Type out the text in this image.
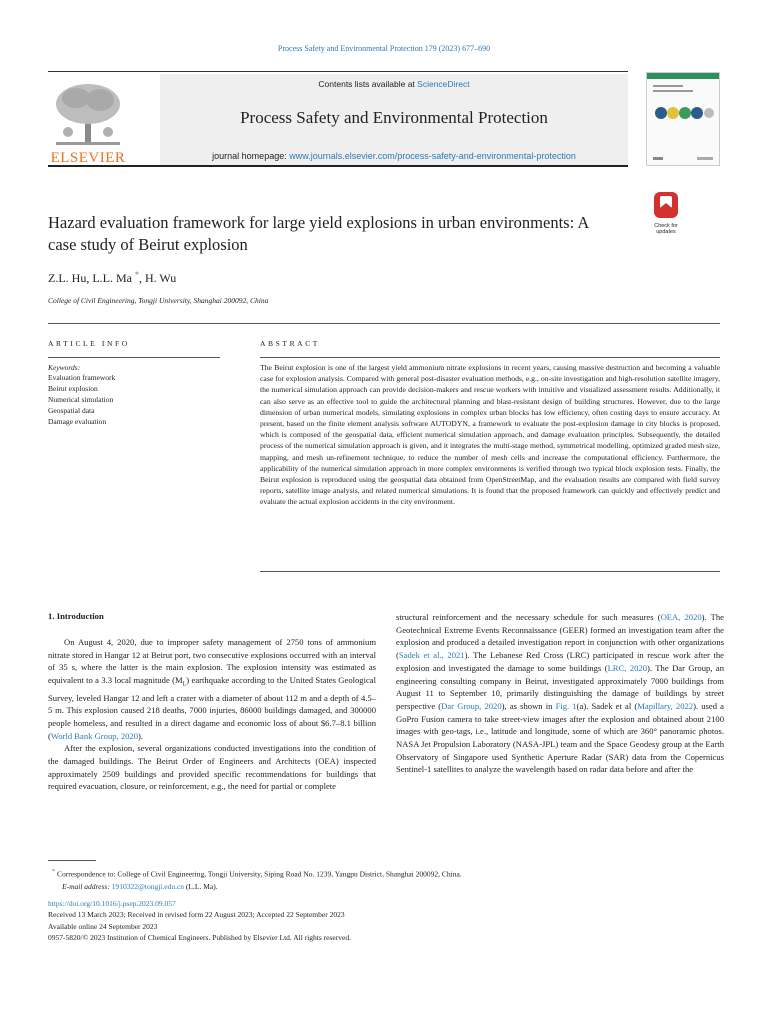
Process Safety and Environmental Protection 179 (2023) 677–690
ELSEVIER
Contents lists available at ScienceDirect
Process Safety and Environmental Protection
journal homepage: www.journals.elsevier.com/process-safety-and-environmental-protection
Check for updates
Hazard evaluation framework for large yield explosions in urban environments: A case study of Beirut explosion
Z.L. Hu, L.L. Ma *, H. Wu
College of Civil Engineering, Tongji University, Shanghai 200092, China
ARTICLE INFO	ABSTRACT
Keywords:
Evaluation framework
Beirut explosion
Numerical simulation
Geospatial data
Damage evaluation
The Beirut explosion is one of the largest yield ammonium nitrate explosions in recent years, causing massive destruction and becoming a valuable case for explosion analysis. Compared with general post-disaster evaluation methods, e.g., on-site investigation and high-resolution satellite imagery, the numerical simulation approach can provide decision-makers and rescue workers with intuitive and visualized assessment results. Additionally, it can also serve as an effective tool to guide the architectural planning and blast-resistant design of building structures. However, due to the large dimension of urban numerical models, simulating explosions in complex urban blocks has low efficiency, often costing days to ensure accuracy. At present, based on the finite element analysis software AUTODYN, a framework to evaluate the post-explosion damage in city blocks is proposed, which is composed of the geospatial data, efficient numerical simulation approach, and damage evaluation principles. Subsequently, the detailed process of the numerical simulation approach is given, and it integrates the multi-stage method, symmetrical modelling, optimized graded mesh size, mapping, and mesh un-refinement technique, to reduce the number of mesh cells and increase the computational efficiency. Furthermore, the applicability of the numerical simulation approach in more complex environments is verified through two typical block explosion tests. Finally, the Beirut explosion is reproduced using the geospatial data obtained from OpenStreetMap, and the evaluation results are compared with field survey reports, satellite image analysis, and related numerical simulations. It is found that the proposed framework can quickly and effectively predict and evaluate the actual explosion accidents in the city environment.
1. Introduction

On August 4, 2020, due to improper safety management of 2750 tons of ammonium nitrate stored in Hangar 12 at Beirut port, two consecutive explosions occurred with an interval of 35 s, where the latter is the main explosion. The explosion intensity was estimated as equivalent to a 3.3 local magnitude $(M_L)$ earthquake according to the United States Geological Survey, leveled Hangar 12 and left a crater with a diameter of about 112 m and a depth of 4.5–5 m. This explosion caused 218 deaths, 7000 injuries, 86000 buildings damaged, and 300000 people homeless, and resulted in a direct dagame and economic loss of about $6.7–8.1 billion (World Bank Group, 2020).

After the explosion, several organizations conducted investigations into the condition of the damaged buildings. The Beirut Order of Engineers and Architects (OEA) inspected approximately 2509 buildings and provided specific recommendations for buildings that required evacuation, closure, or reinforcement, e.g., the need for partial or complete

structural reinforcement and the necessary schedule for such measures (OEA, 2020). The Geotechnical Extreme Events Reconnaissance (GEER) formed an investigation team after the explosion and produced a detailed investigation report in conjunction with other organizations (Sadek et al., 2021). The Lebanese Red Cross (LRC) participated in rescue work after the explosion and investigated the damage to some buildings (LRC, 2020). The Dar Group, an engineering consulting company in Beirut, investigated approximately 7000 buildings from August 11 to September 10, primarily distinguishing the damage of buildings by street perspective (Dar Group, 2020), as shown in Fig. 1(a). Sadek et al (Mapillary, 2022). used a GoPro Fusion camera to take street-view images after the explosion and obtained about 2100 images with geo-tags, i.e., latitude and longitude, some of which are 360° panoramic photos. NASA Jet Propulsion Laboratory (NASA-JPL) team and the Space Geodesy group at the Earth Observatory of Singapore used Synthetic Aperture Radar (SAR) data from the Copernicus Sentinel-1 satellites to analyze the wavelength based on radar data before and after the

* Correspondence to: College of Civil Engineering, Tongji University, Siping Road No. 1239, Yangpu District, Shanghai 200092, China.
E-mail address: 1910322@tongji.edu.cn (L.L. Ma).
https://doi.org/10.1016/j.psep.2023.09.057
Received 13 March 2023; Received in revised form 22 August 2023; Accepted 22 September 2023
Available online 24 September 2023
0957-5820/© 2023 Institution of Chemical Engineers. Published by Elsevier Ltd. All rights reserved.
